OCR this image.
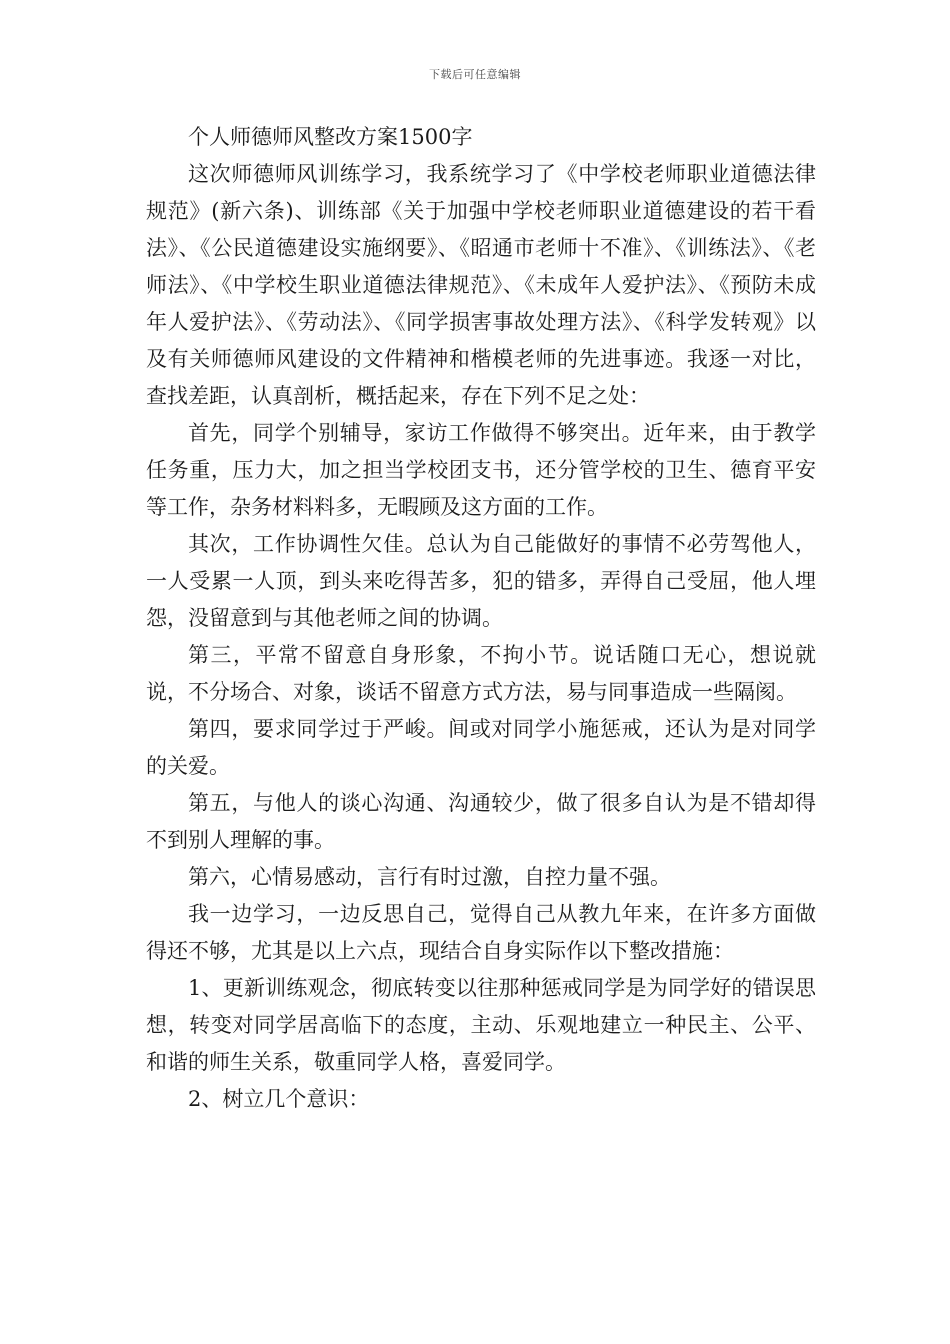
下载后可任意编辑

个人师德师风整改方案1500字

这次师德师风训练学习，我系统学习了《中学校老师职业道德法律规范》(新六条)、训练部《关于加强中学校老师职业道德建设的若干看法》、《公民道德建设实施纲要》、《昭通市老师十不准》、《训练法》、《老师法》、《中学校生职业道德法律规范》、《未成年人爱护法》、《预防未成年人爱护法》、《劳动法》、《同学损害事故处理方法》、《科学发转观》以及有关师德师风建设的文件精神和楷模老师的先进事迹。我逐一对比，查找差距，认真剖析，概括起来，存在下列不足之处：

首先，同学个别辅导，家访工作做得不够突出。近年来，由于教学任务重，压力大，加之担当学校团支书，还分管学校的卫生、德育平安等工作，杂务材料料多，无暇顾及这方面的工作。

其次，工作协调性欠佳。总认为自己能做好的事情不必劳驾他人，一人受累一人顶，到头来吃得苦多，犯的错多，弄得自己受屈，他人埋怨，没留意到与其他老师之间的协调。

第三，平常不留意自身形象，不拘小节。说话随口无心，想说就说，不分场合、对象，谈话不留意方式方法，易与同事造成一些隔阂。

第四，要求同学过于严峻。间或对同学小施惩戒，还认为是对同学的关爱。

第五，与他人的谈心沟通、沟通较少，做了很多自认为是不错却得不到别人理解的事。

第六，心情易感动，言行有时过激，自控力量不强。

我一边学习，一边反思自己，觉得自己从教九年来，在许多方面做得还不够，尤其是以上六点，现结合自身实际作以下整改措施：

1、更新训练观念，彻底转变以往那种惩戒同学是为同学好的错误思想，转变对同学居高临下的态度，主动、乐观地建立一种民主、公平、和谐的师生关系，敬重同学人格，喜爱同学。

2、树立几个意识：
